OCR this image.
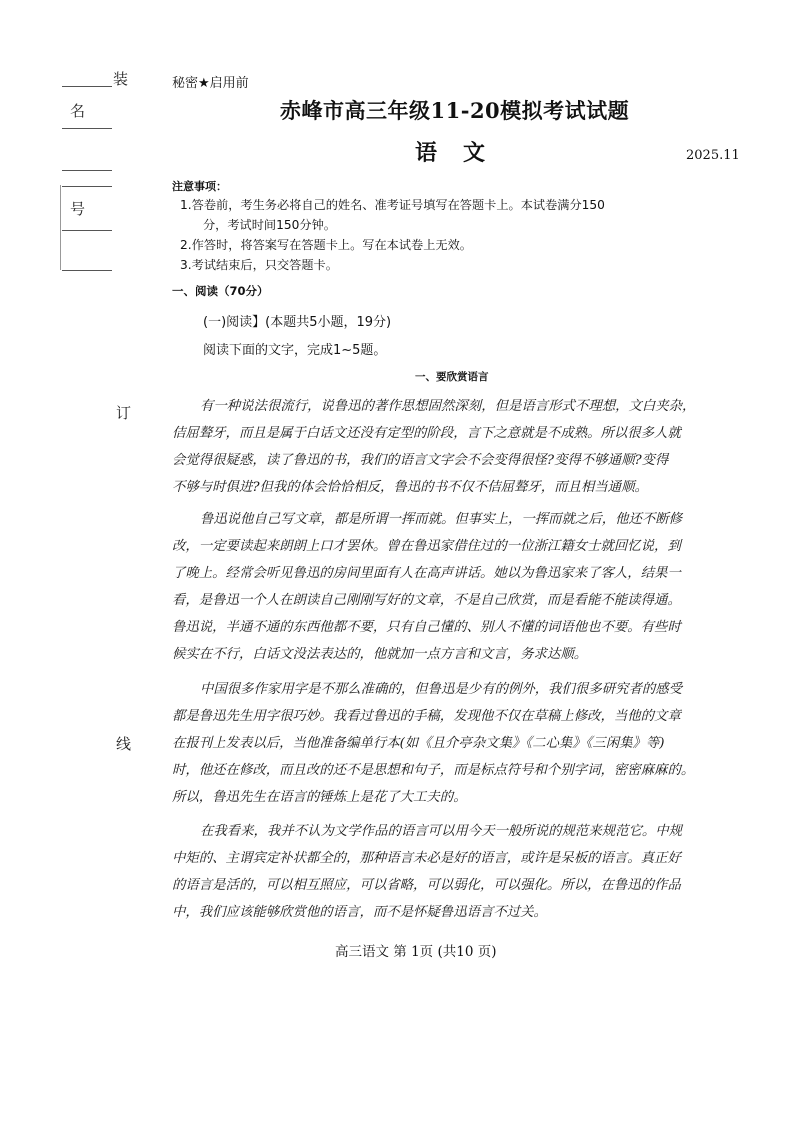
装
名
号
订
线
秘密★启用前
赤峰市高三年级11-20模拟考试试题
语文	2025.11
注意事项：
1.答卷前，考生务必将自己的姓名、准考证号填写在答题卡上。本试卷满分150
分，考试时间150分钟。
2.作答时，将答案写在答题卡上。写在本试卷上无效。
3.考试结束后，只交答题卡。
一、阅读（70分）
(一)阅读】(本题共5小题，19分)
阅读下面的文字，完成1~5题。
一、要欣赏语言
有一种说法很流行，说鲁迅的著作思想固然深刻，但是语言形式不理想，文白夹杂，
佶屈聱牙，而且是属于白话文还没有定型的阶段，言下之意就是不成熟。所以很多人就
会觉得很疑惑，读了鲁迅的书，我们的语言文字会不会变得很怪?变得不够通顺?变得
不够与时俱进?但我的体会恰恰相反，鲁迅的书不仅不佶屈聱牙，而且相当通顺。
鲁迅说他自己写文章，都是所谓一挥而就。但事实上，一挥而就之后，他还不断修
改，一定要读起来朗朗上口才罢休。曾在鲁迅家借住过的一位浙江籍女士就回忆说，到
了晚上。经常会听见鲁迅的房间里面有人在高声讲话。她以为鲁迅家来了客人，结果一
看，是鲁迅一个人在朗读自己刚刚写好的文章，不是自己欣赏，而是看能不能读得通。
鲁迅说，半通不通的东西他都不要，只有自己懂的、别人不懂的词语他也不要。有些时
候实在不行，白话文没法表达的，他就加一点方言和文言，务求达顺。
中国很多作家用字是不那么准确的，但鲁迅是少有的例外，我们很多研究者的感受
都是鲁迅先生用字很巧妙。我看过鲁迅的手稿，发现他不仅在草稿上修改，当他的文章
在报刊上发表以后，当他准备编单行本(如《且介亭杂文集》《二心集》《三闲集》等)
时，他还在修改，而且改的还不是思想和句子，而是标点符号和个别字词，密密麻麻的。
所以，鲁迅先生在语言的锤炼上是花了大工夫的。
在我看来，我并不认为文学作品的语言可以用今天一般所说的规范来规范它。中规
中矩的、主谓宾定补状都全的，那种语言未必是好的语言，或许是呆板的语言。真正好
的语言是活的，可以相互照应，可以省略，可以弱化，可以强化。所以，在鲁迅的作品
中，我们应该能够欣赏他的语言，而不是怀疑鲁迅语言不过关。
高三语文 第 1页 (共10 页)
